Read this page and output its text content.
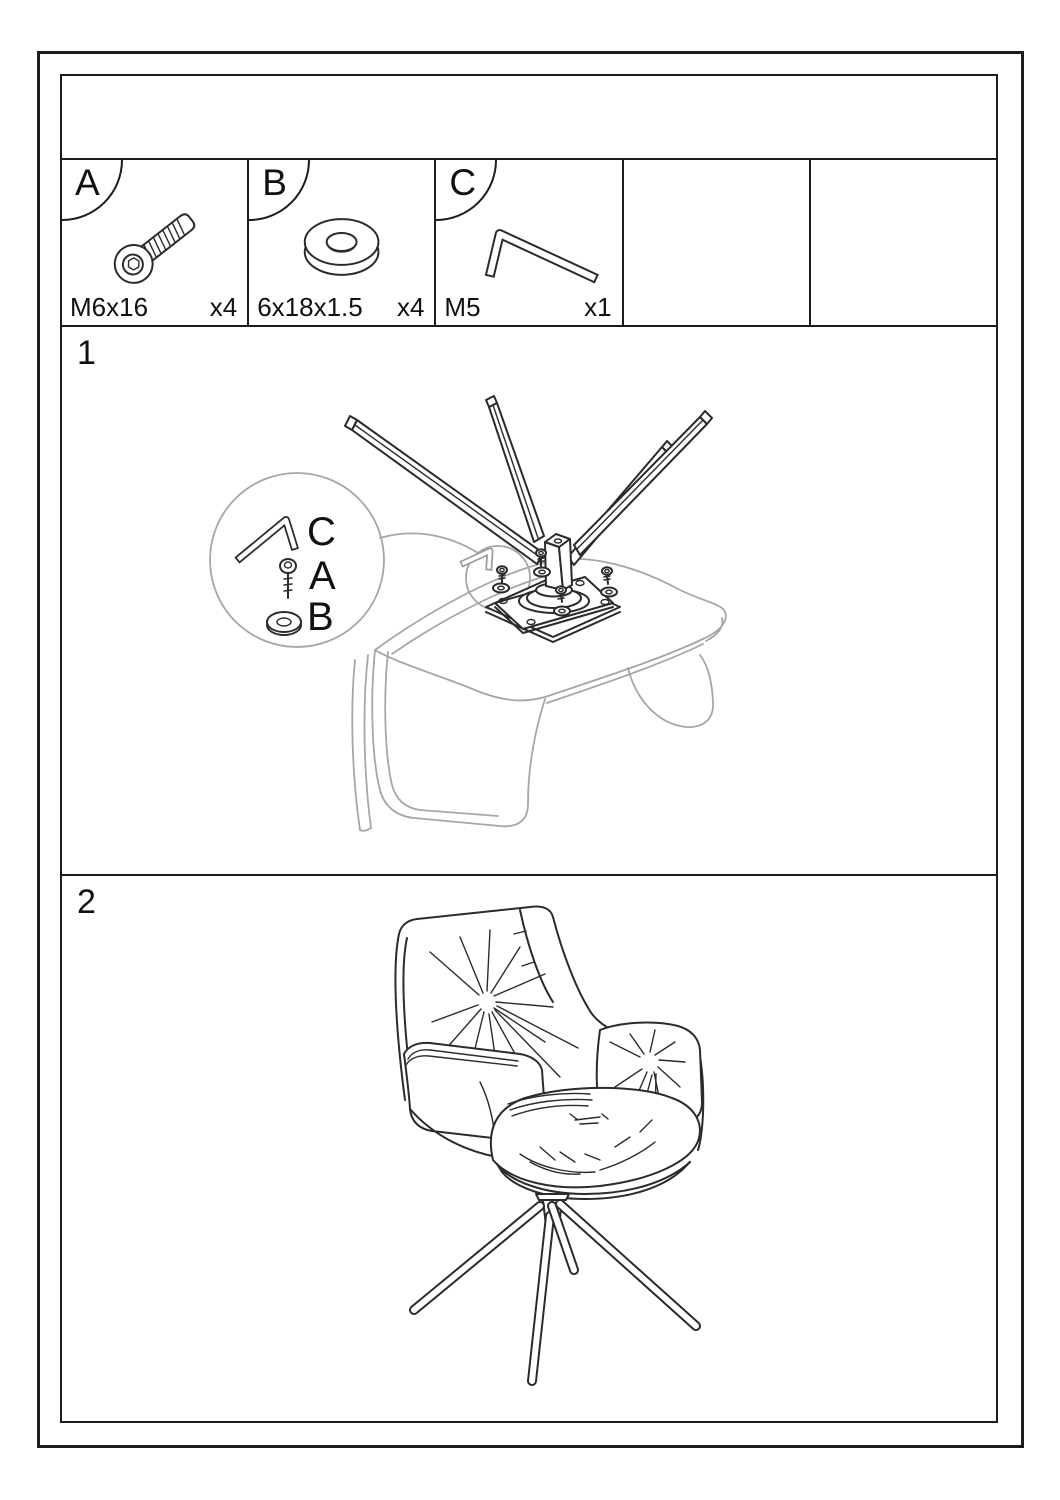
A
M6x16 x4
B
6x18x1.5 x4
C
M5	x1
1
C
A
B
2
